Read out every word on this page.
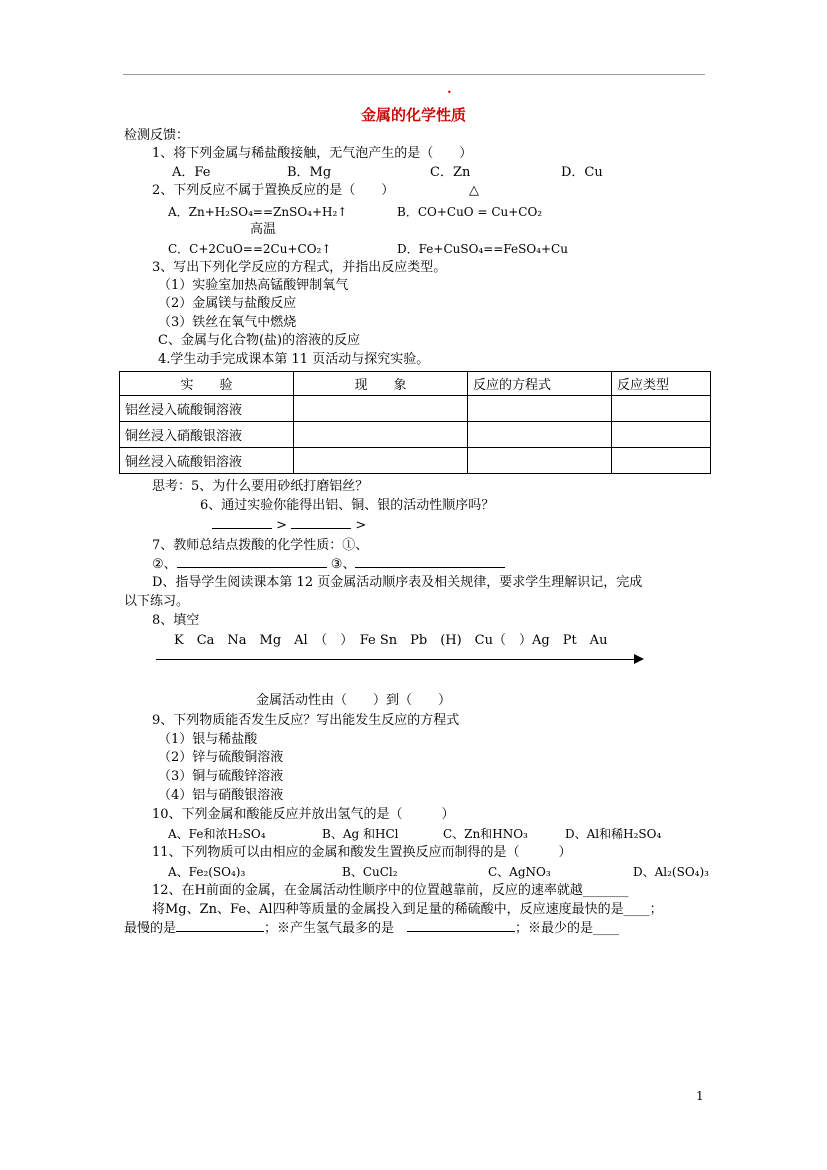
•
金属的化学性质
检测反馈：
1、将下列金属与稀盐酸接触，无气泡产生的是（　　）
A．Fe	B．Mg	C．Zn	D．Cu
2、下列反应不属于置换反应的是（　　）	△
A．Zn+H₂SO₄==ZnSO₄+H₂↑	B．CO+CuO = Cu+CO₂
高温
C．C+2CuO==2Cu+CO₂↑	D．Fe+CuSO₄==FeSO₄+Cu
3、写出下列化学反应的方程式，并指出反应类型。
（1）实验室加热高锰酸钾制氧气
（2）金属镁与盐酸反应
（3）铁丝在氧气中燃烧
C、金属与化合物(盐)的溶液的反应
4.学生动手完成课本第 11 页活动与探究实验。
实　　验	现　　象	反应的方程式	反应类型
铝丝浸入硫酸铜溶液			
铜丝浸入硝酸银溶液			
铜丝浸入硫酸铝溶液			
思考：5、为什么要用砂纸打磨铝丝？
6、通过实验你能得出铝、铜、银的活动性顺序吗？
>	>
7、教师总结点拨酸的化学性质：①、
②、	③、
D、指导学生阅读课本第 12 页金属活动顺序表及相关规律，要求学生理解识记，完成
以下练习。
8、填空
K　Ca　Na　Mg　Al　（　）　Fe Sn　Pb　(H)　Cu（　）Ag　Pt　Au
金属活动性由（　　）到（　　）
9、下列物质能否发生反应？写出能发生反应的方程式
（1）银与稀盐酸
（2）锌与硫酸铜溶液
（3）铜与硫酸锌溶液
（4）铝与硝酸银溶液
10、下列金属和酸能反应并放出氢气的是（　　　）
A、Fe和浓H₂SO₄	B、Ag 和HCl	C、Zn和HNO₃	D、Al和稀H₂SO₄
11、下列物质可以由相应的金属和酸发生置换反应而制得的是（　　　）
A、Fe₂(SO₄)₃	B、CuCl₂	C、AgNO₃	D、Al₂(SO₄)₃
12、在H前面的金属，在金属活动性顺序中的位置越靠前，反应的速率就越_______
将Mg、Zn、Fe、Al四种等质量的金属投入到足量的稀硫酸中，反应速度最快的是____；
最慢的是	；※产生氢气最多的是　	；※最少的是____
1
